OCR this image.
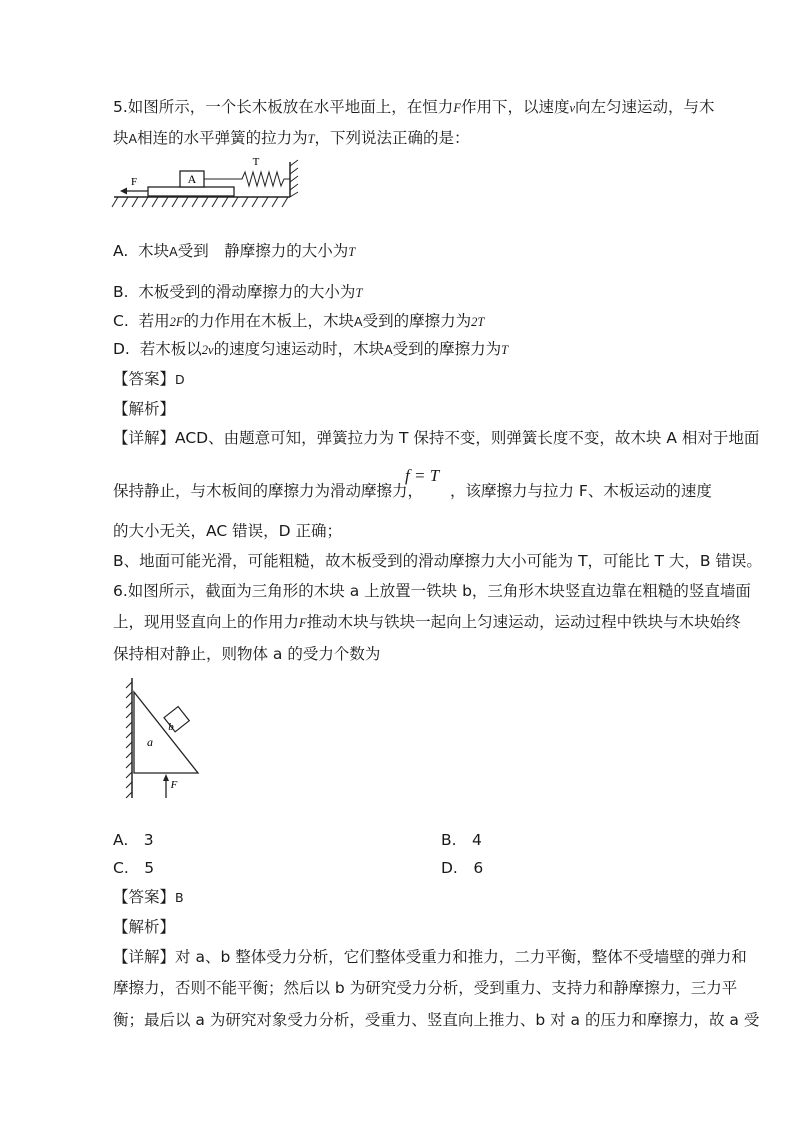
5.如图所示，一个长木板放在水平地面上，在恒力F作用下，以速度v向左匀速运动，与木
块A相连的水平弹簧的拉力为T，下列说法正确的是：
A
T
F
A. 木块A受到　静摩擦力的大小为T
B. 木板受到的滑动摩擦力的大小为T
C. 若用2F的力作用在木板上，木块A受到的摩擦力为2T
D. 若木板以2v的速度匀速运动时，木块A受到的摩擦力为T
【答案】D
【解析】
【详解】ACD、由题意可知，弹簧拉力为 T 保持不变，则弹簧长度不变，故木块 A 相对于地面
保持静止，与木板间的摩擦力为滑动摩擦力，
f = T
，该摩擦力与拉力 F、木板运动的速度
的大小无关，AC 错误，D 正确；
B、地面可能光滑，可能粗糙，故木板受到的滑动摩擦力大小可能为 T，可能比 T 大，B 错误。
6.如图所示，截面为三角形的木块 a 上放置一铁块 b，三角形木块竖直边靠在粗糙的竖直墙面
上，现用竖直向上的作用力F推动木块与铁块一起向上匀速运动，运动过程中铁块与木块始终
保持相对静止，则物体 a 的受力个数为
a
b
F
A.　3	B.　4
C.　5	D.　6
【答案】B
【解析】
【详解】对 a、b 整体受力分析，它们整体受重力和推力，二力平衡，整体不受墙壁的弹力和
摩擦力，否则不能平衡；然后以 b 为研究受力分析，受到重力、支持力和静摩擦力，三力平
衡；最后以 a 为研究对象受力分析，受重力、竖直向上推力、b 对 a 的压力和摩擦力，故 a 受
